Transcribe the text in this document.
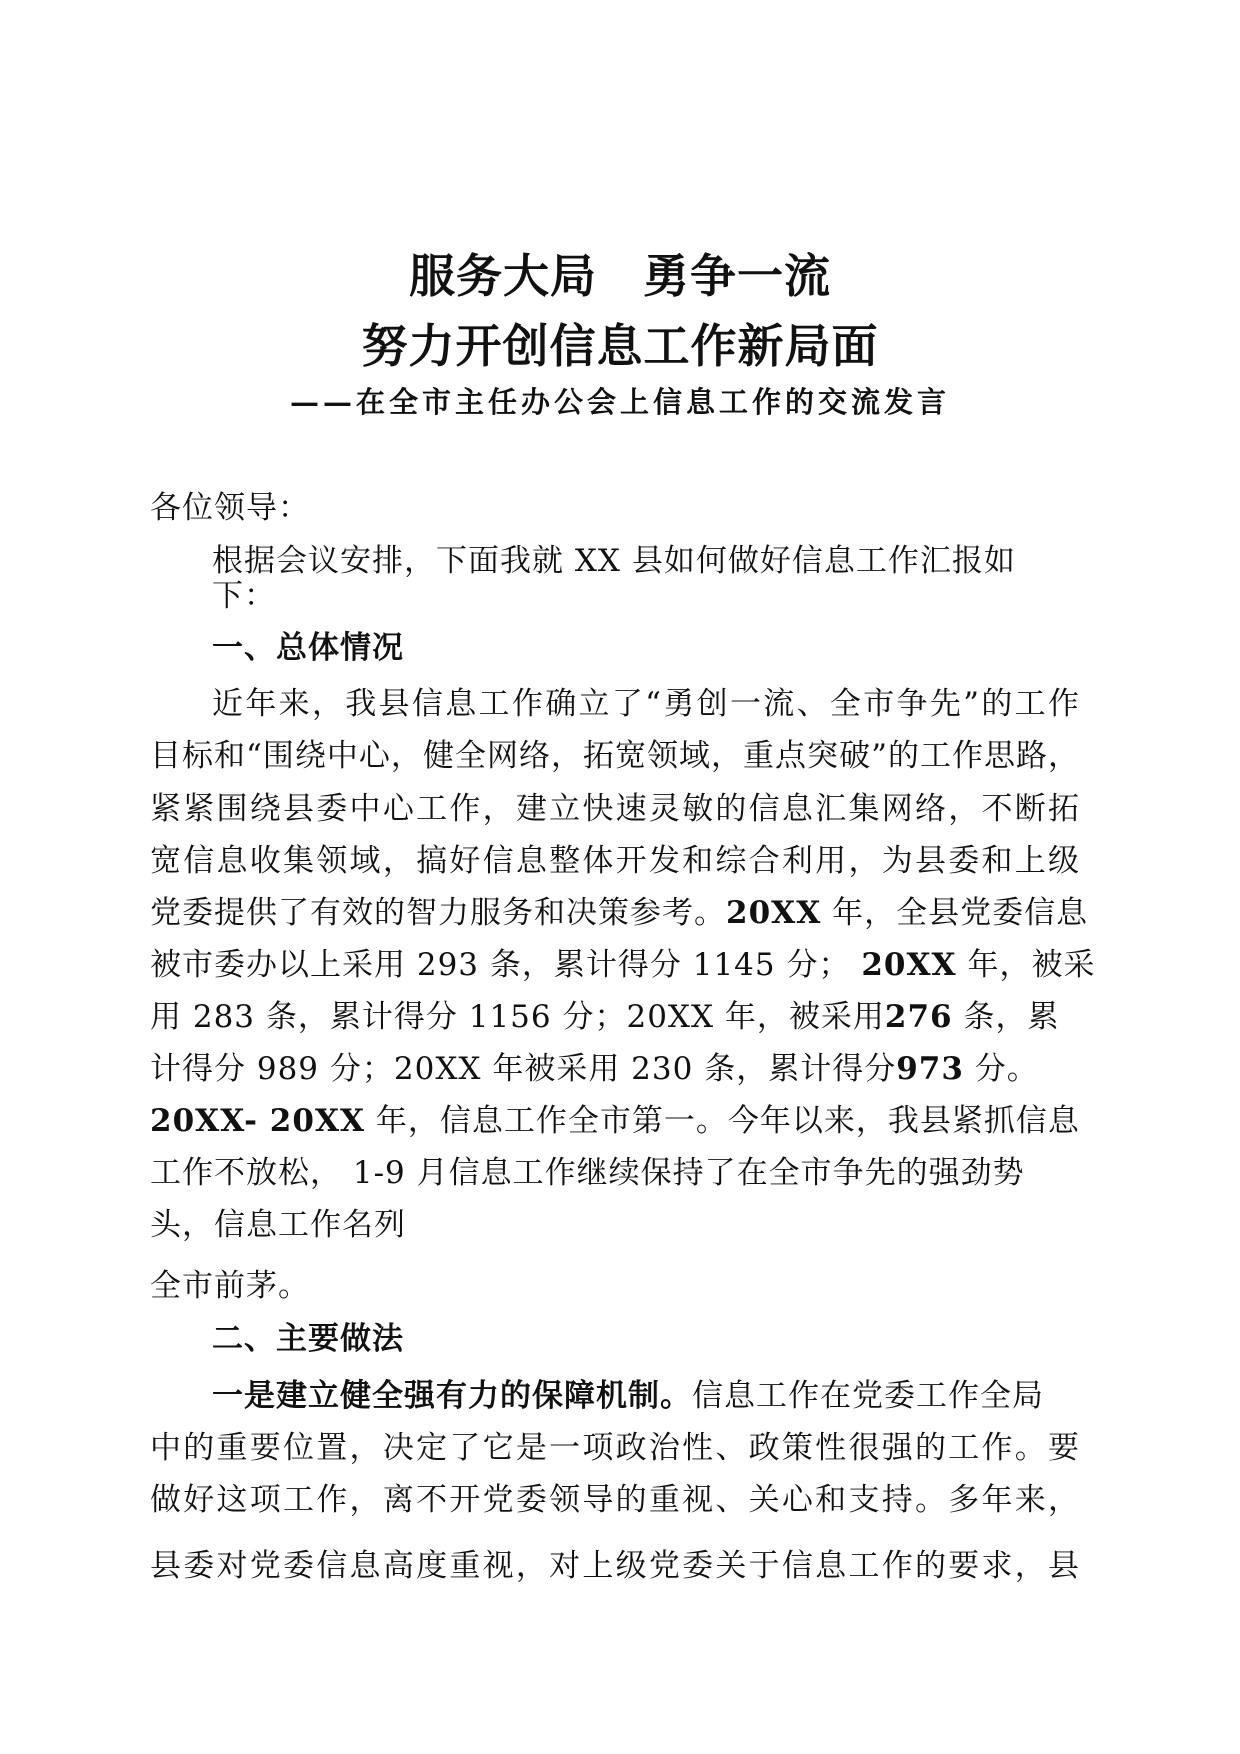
服务大局 勇争一流
努力开创信息工作新局面
——在全市主任办公会上信息工作的交流发言
各位领导：
根据会议安排，下面我就 XX 县如何做好信息工作汇报如
下：
一、总体情况
近年来，我县信息工作确立了“勇创一流、全市争先”的工作
目标和“围绕中心，健全网络，拓宽领域，重点突破”的工作思路，
紧紧围绕县委中心工作，建立快速灵敏的信息汇集网络，不断拓
宽信息收集领域，搞好信息整体开发和综合利用，为县委和上级
党委提供了有效的智力服务和决策参考。20XX 年，全县党委信息
被市委办以上采用 293 条，累计得分 1145 分； 20XX 年，被采
用 283 条，累计得分 1156 分；20XX 年，被采用276 条，累
计得分 989 分；20XX 年被采用 230 条，累计得分973 分。
20XX- 20XX 年，信息工作全市第一。今年以来，我县紧抓信息
工作不放松， 1-9 月信息工作继续保持了在全市争先的强劲势
头，信息工作名列
全市前茅。
二、主要做法
一是建立健全强有力的保障机制。信息工作在党委工作全局
中的重要位置，决定了它是一项政治性、政策性很强的工作。要
做好这项工作，离不开党委领导的重视、关心和支持。多年来，
县委对党委信息高度重视，对上级党委关于信息工作的要求，县
